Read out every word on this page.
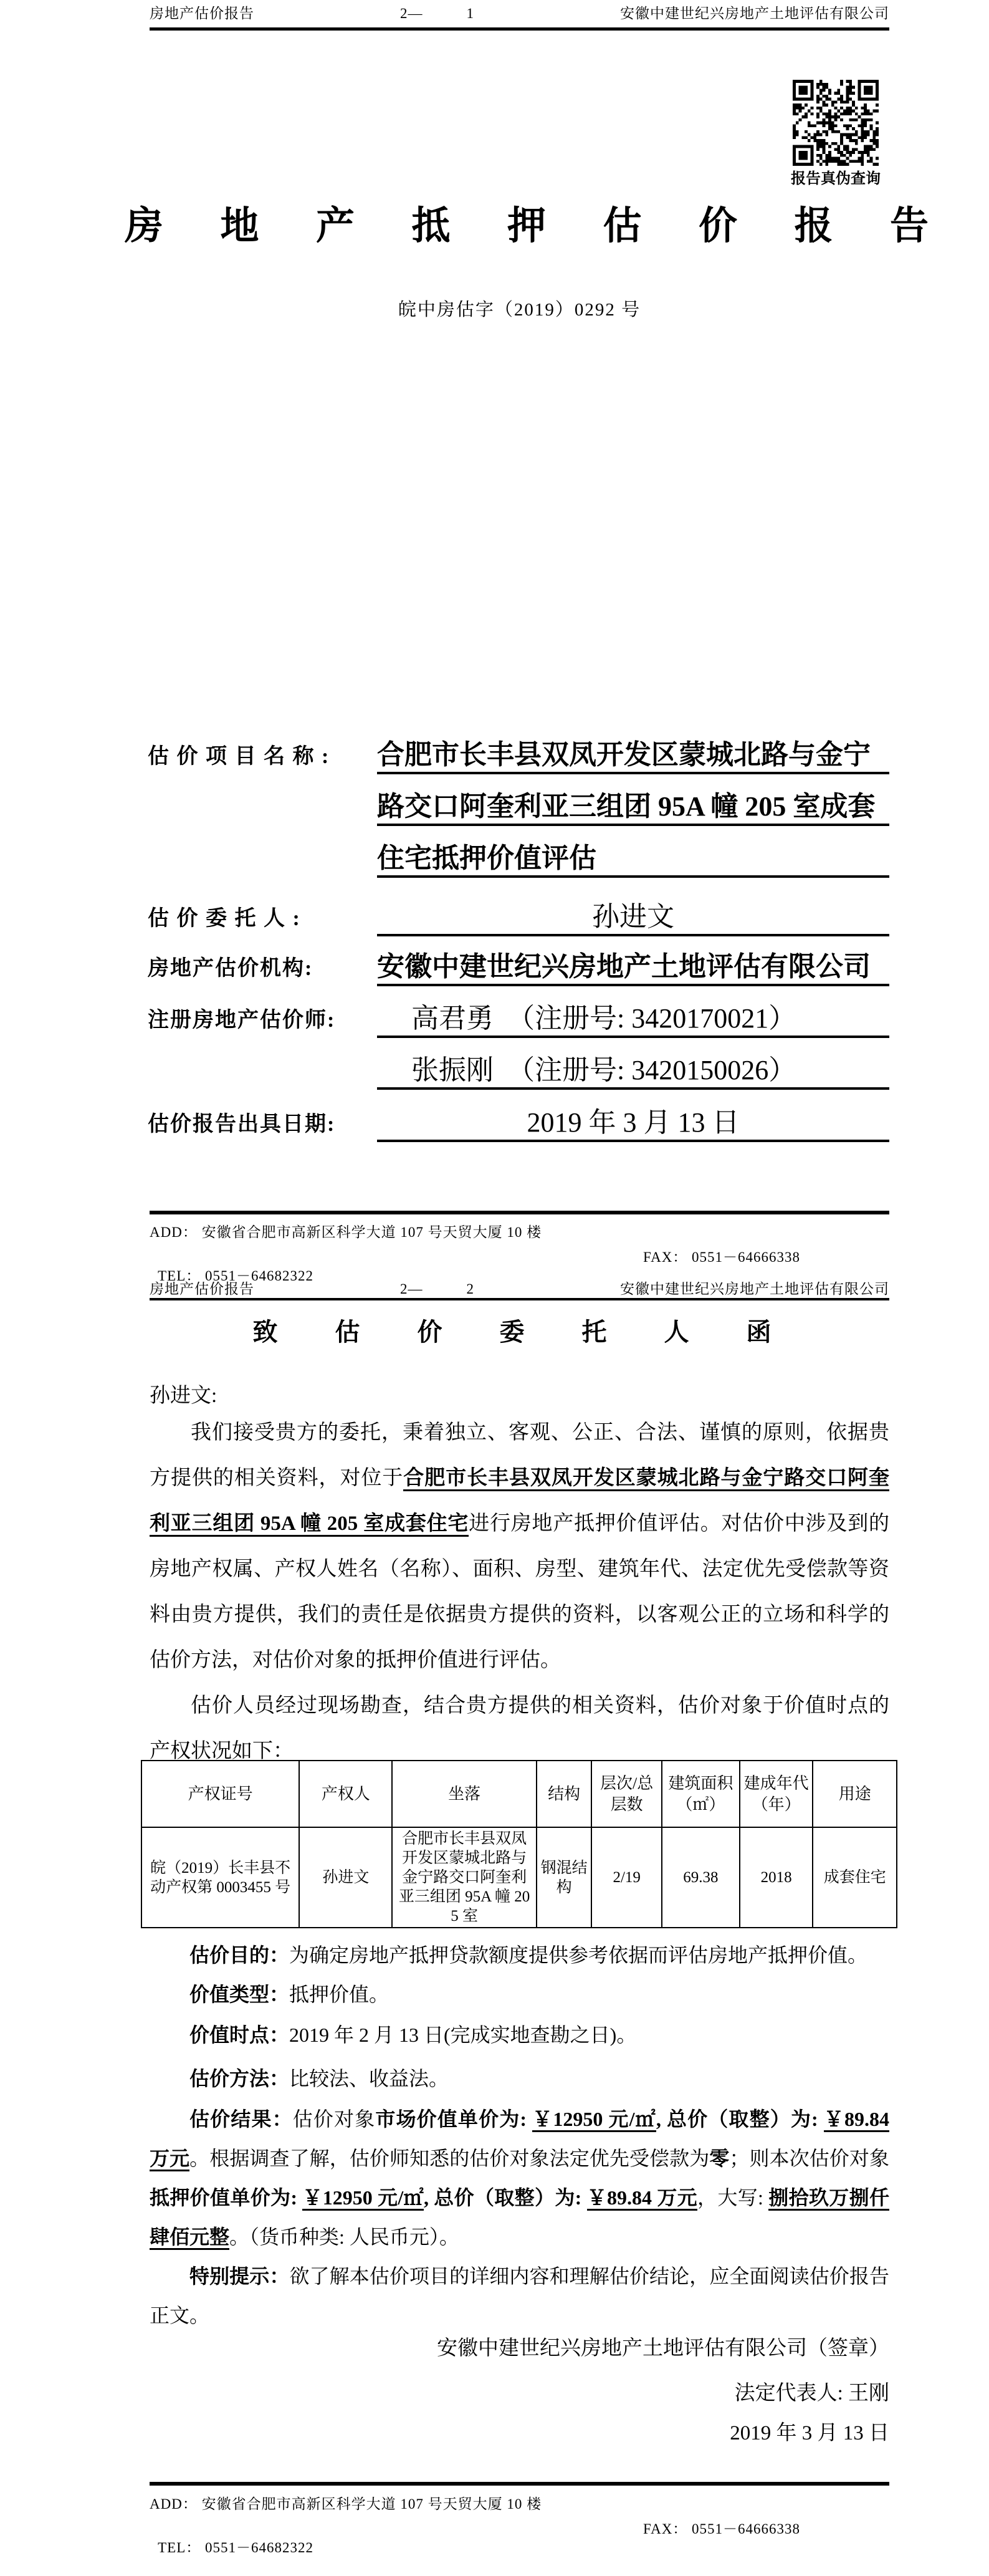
房地产估价报告	2—	1	安徽中建世纪兴房地产土地评估有限公司
报告真伪查询
房 地 产 抵 押 估 价 报 告
皖中房估字（2019）0292 号
估 价 项 目 名 称 :	合肥市长丰县双凤开发区蒙城北路与金宁
路交口阿奎利亚三组团 95A 幢 205 室成套
住宅抵押价值评估
估 价 委 托 人 :	孙进文
房地产估价机构:	安徽中建世纪兴房地产土地评估有限公司
注册房地产估价师:	高君勇　（注册号: 3420170021）
张振刚　（注册号: 3420150026）
估价报告出具日期:	2019 年 3 月 13 日
ADD： 安徽省合肥市高新区科学大道 107 号天贸大厦 10 楼

TEL： 0551－64682322

FAX： 0551－64666338

房地产估价报告	2—	2	安徽中建世纪兴房地产土地评估有限公司
致  估  价  委  托  人  函
孙进文:
我们接受贵方的委托，秉着独立、客观、公正、合法、谨慎的原则，依据贵方提供的相关资料，对位于合肥市长丰县双凤开发区蒙城北路与金宁路交口阿奎利亚三组团 95A 幢 205 室成套住宅进行房地产抵押价值评估。对估价中涉及到的房地产权属、产权人姓名（名称）、面积、房型、建筑年代、法定优先受偿款等资料由贵方提供，我们的责任是依据贵方提供的资料，以客观公正的立场和科学的估价方法，对估价对象的抵押价值进行评估。
估价人员经过现场勘查，结合贵方提供的相关资料，估价对象于价值时点的产权状况如下：
产权证号	产权人	坐落	结构	层次/总层数	建筑面积（㎡）	建成年代（年）	用途
皖（2019）长丰县不动产权第 0003455 号	孙进文	合肥市长丰县双凤开发区蒙城北路与金宁路交口阿奎利亚三组团 95A 幢 205 室	钢混结构	2/19	69.38	2018	成套住宅
估价目的：为确定房地产抵押贷款额度提供参考依据而评估房地产抵押价值。
价值类型：抵押价值。
价值时点：2019 年 2 月 13 日(完成实地查勘之日)。
估价方法：比较法、收益法。
估价结果：估价对象市场价值单价为: ￥12950 元/㎡, 总价（取整）为: ￥89.84 万元。根据调查了解，估价师知悉的估价对象法定优先受偿款为零；则本次估价对象抵押价值单价为: ￥12950 元/㎡, 总价（取整）为: ￥89.84 万元，大写: 捌拾玖万捌仟肆佰元整。（货币种类: 人民币元）。
特别提示：欲了解本估价项目的详细内容和理解估价结论，应全面阅读估价报告正文。
安徽中建世纪兴房地产土地评估有限公司（签章）
法定代表人: 王刚
2019 年 3 月 13 日
ADD： 安徽省合肥市高新区科学大道 107 号天贸大厦 10 楼

TEL： 0551－64682322

FAX： 0551－64666338
